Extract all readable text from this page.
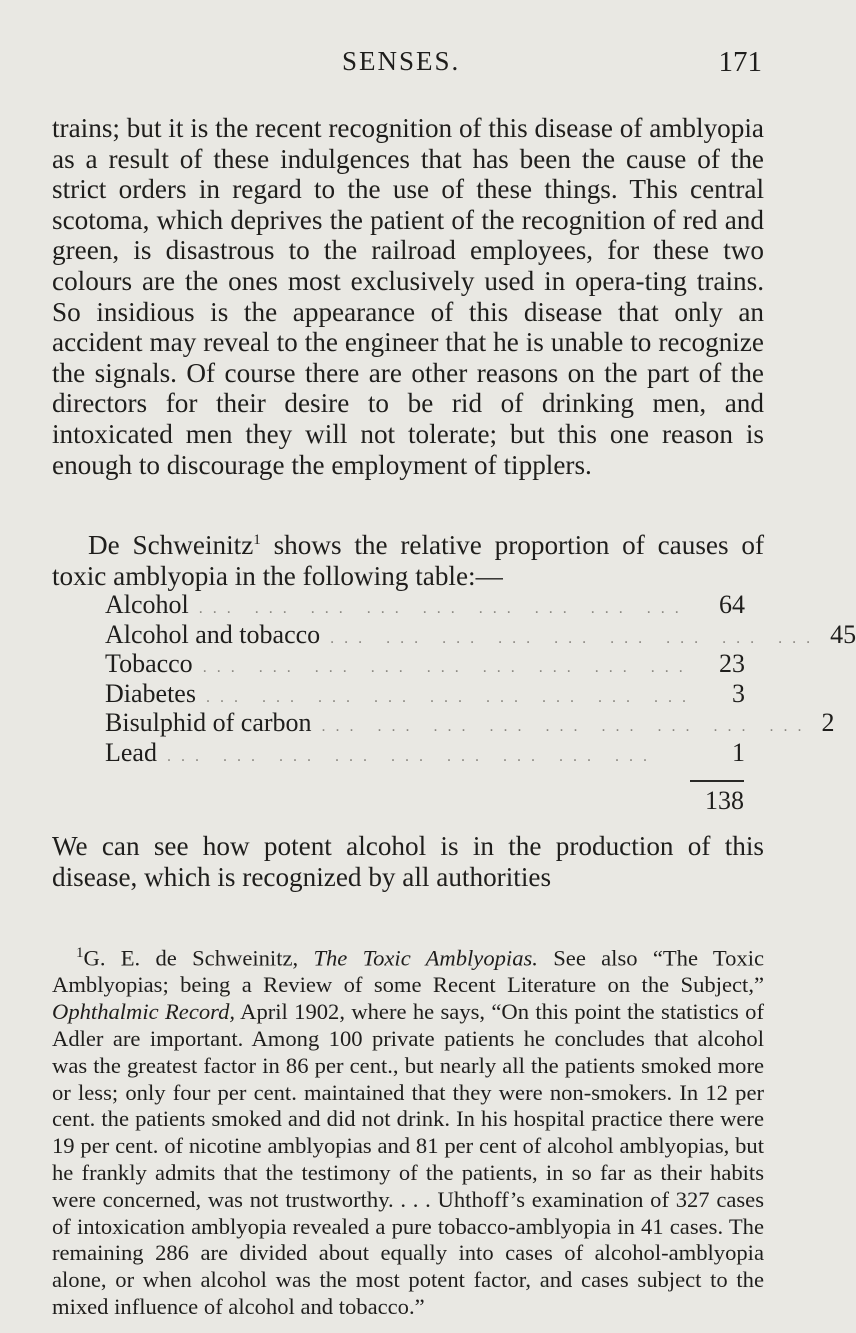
SENSES.	171

trains; but it is the recent recognition of this disease of amblyopia as a result of these indulgences that has been the cause of the strict orders in regard to the use of these things. This central scotoma, which deprives the patient of the recognition of red and green, is disastrous to the railroad employees, for these two colours are the ones most exclusively used in opera-ting trains. So insidious is the appearance of this disease that only an accident may reveal to the engineer that he is unable to recognize the signals. Of course there are other reasons on the part of the directors for their desire to be rid of drinking men, and intoxicated men they will not tolerate; but this one reason is enough to discourage the employment of tipplers.

De Schweinitz$^1$ shows the relative proportion of causes of toxic amblyopia in the following table:—

Alcohol ... ... ... ... ... ... ... ... ...	64
Alcohol and tobacco ... ... ... ... ... ... ... ... ... 45
Tobacco ... ... ... ... ... ... ... ... ...	23
Diabetes ... ... ... ... ... ... ... ... ...	3
Bisulphid of carbon ... ... ... ... ... ... ... ... ... 2
Lead ... ... ... ... ... ... ... ... ...	1
138

We can see how potent alcohol is in the production of this disease, which is recognized by all authorities

$^1$G. E. de Schweinitz, The Toxic Amblyopias. See also “The Toxic Amblyopias; being a Review of some Recent Literature on the Subject,” Ophthalmic Record, April 1902, where he says, “On this point the statistics of Adler are important. Among 100 private patients he concludes that alcohol was the greatest factor in 86 per cent., but nearly all the patients smoked more or less; only four per cent. maintained that they were non-smokers. In 12 per cent. the patients smoked and did not drink. In his hospital practice there were 19 per cent. of nicotine amblyopias and 81 per cent of alcohol amblyopias, but he frankly admits that the testimony of the patients, in so far as their habits were concerned, was not trustworthy. . . . Uhthoff’s examination of 327 cases of intoxication amblyopia revealed a pure tobacco-amblyopia in 41 cases. The remaining 286 are divided about equally into cases of alcohol-amblyopia alone, or when alcohol was the most potent factor, and cases subject to the mixed influence of alcohol and tobacco.”
